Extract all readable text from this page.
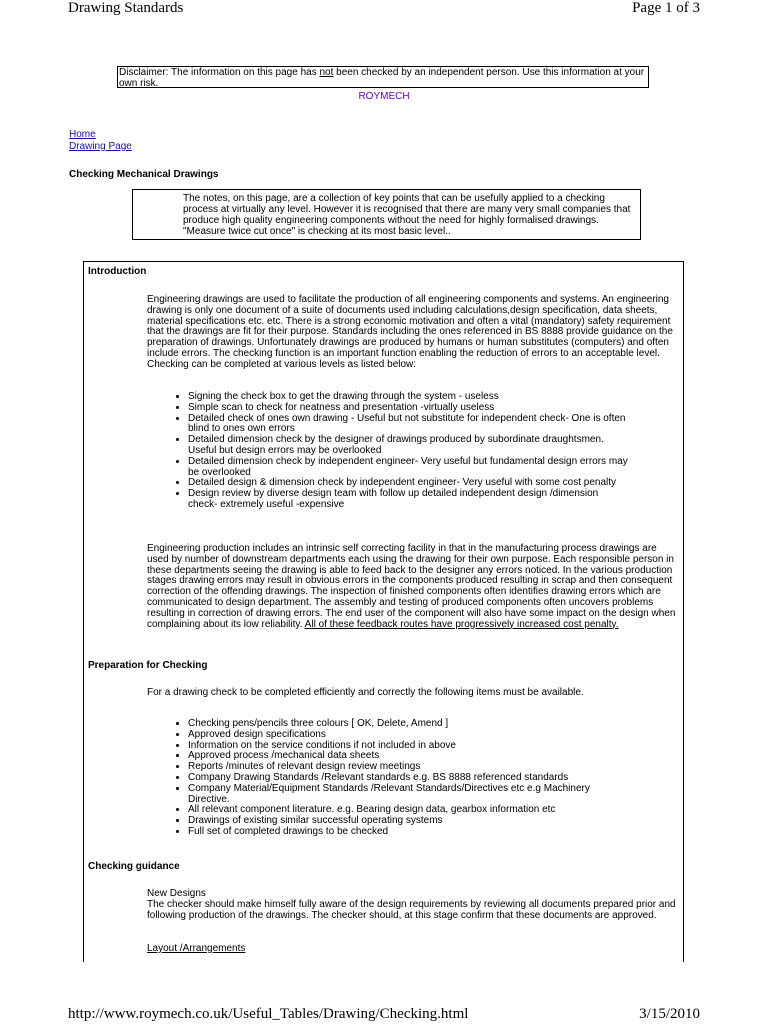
Drawing Standards	Page 1 of 3
Disclaimer: The information on this page has not been checked by an independent person. Use this information at your own risk.
ROYMECH
Home
Drawing Page
Checking Mechanical Drawings
The notes, on this page, are a collection of key points that can be usefully applied to a checking process at virtually any level. However it is recognised that there are many very small companies that produce high quality engineering components without the need for highly formalised drawings. "Measure twice cut once" is checking at its most basic level..
Introduction
Engineering drawings are used to facilitate the production of all engineering components and systems. An engineering drawing is only one document of a suite of documents used including calculations,design specification, data sheets, material specifications etc. etc. There is a strong economic motivation and often a vital (mandatory) safety requirement that the drawings are fit for their purpose. Standards including the ones referenced in BS 8888 provide guidance on the preparation of drawings. Unfortunately drawings are produced by humans or human substitutes (computers) and often include errors. The checking function is an important function enabling the reduction of errors to an acceptable level. Checking can be completed at various levels as listed below:
• Signing the check box to get the drawing through the system - useless
• Simple scan to check for neatness and presentation -virtually useless
• Detailed check of ones own drawing - Useful but not substitute for independent check- One is often blind to ones own errors
• Detailed dimension check by the designer of drawings produced by subordinate draughtsmen. Useful but design errors may be overlooked
• Detailed dimension check by independent engineer- Very useful but fundamental design errors may be overlooked
• Detailed design & dimension check by independent engineer- Very useful with some cost penalty
• Design review by diverse design team with follow up detailed independent design /dimension check- extremely useful -expensive
Engineering production includes an intrinsic self correcting facility in that in the manufacturing process drawings are used by number of downstream departments each using the drawing for their own purpose. Each responsible person in these departments seeing the drawing is able to feed back to the designer any errors noticed. In the various production stages drawing errors may result in obvious errors in the components produced resulting in scrap and then consequent correction of the offending drawings. The inspection of finished components often identifies drawing errors which are communicated to design department. The assembly and testing of produced components often uncovers problems resulting in correction of drawing errors. The end user of the component will also have some impact on the design when complaining about its low reliability. All of these feedback routes have progressively increased cost penalty.
Preparation for Checking
For a drawing check to be completed efficiently and correctly the following items must be available.
• Checking pens/pencils three colours [ OK, Delete, Amend ]
• Approved design specifications
• Information on the service conditions if not included in above
• Approved process /mechanical data sheets
• Reports /minutes of relevant design review meetings
• Company Drawing Standards /Relevant standards e.g. BS 8888 referenced standards
• Company Material/Equipment Standards /Relevant Standards/Directives etc e.g Machinery Directive.
• All relevant component literature. e.g. Bearing design data, gearbox information etc
• Drawings of existing similar successful operating systems
• Full set of completed drawings to be checked
Checking guidance
New Designs
The checker should make himself fully aware of the design requirements by reviewing all documents prepared prior and following production of the drawings. The checker should, at this stage confirm that these documents are approved.
Layout /Arrangements
http://www.roymech.co.uk/Useful_Tables/Drawing/Checking.html	3/15/2010
